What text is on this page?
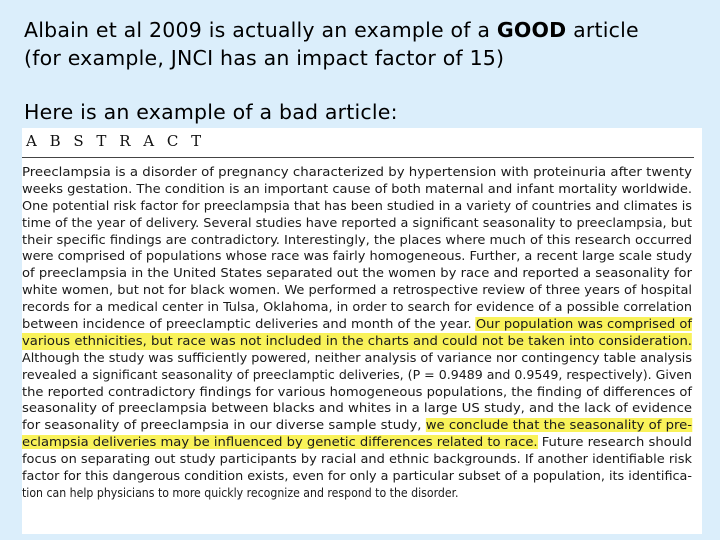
Albain et al 2009 is actually an example of a GOOD article
(for example, JNCI has an impact factor of 15)
Here is an example of a bad article:
A B S T R A C T
Preeclampsia is a disorder of pregnancy characterized by hypertension with proteinuria after twenty
weeks gestation. The condition is an important cause of both maternal and infant mortality worldwide.
One potential risk factor for preeclampsia that has been studied in a variety of countries and climates is
time of the year of delivery. Several studies have reported a significant seasonality to preeclampsia, but
their specific findings are contradictory. Interestingly, the places where much of this research occurred
were comprised of populations whose race was fairly homogeneous. Further, a recent large scale study
of preeclampsia in the United States separated out the women by race and reported a seasonality for
white women, but not for black women. We performed a retrospective review of three years of hospital
records for a medical center in Tulsa, Oklahoma, in order to search for evidence of a possible correlation
between incidence of preeclamptic deliveries and month of the year. Our population was comprised of
various ethnicities, but race was not included in the charts and could not be taken into consideration.
Although the study was sufficiently powered, neither analysis of variance nor contingency table analysis
revealed a significant seasonality of preeclamptic deliveries, (P = 0.9489 and 0.9549, respectively). Given
the reported contradictory findings for various homogeneous populations, the finding of differences of
seasonality of preeclampsia between blacks and whites in a large US study, and the lack of evidence
for seasonality of preeclampsia in our diverse sample study, we conclude that the seasonality of pre-
eclampsia deliveries may be influenced by genetic differences related to race. Future research should
focus on separating out study participants by racial and ethnic backgrounds. If another identifiable risk
factor for this dangerous condition exists, even for only a particular subset of a population, its identifica-
tion can help physicians to more quickly recognize and respond to the disorder.
